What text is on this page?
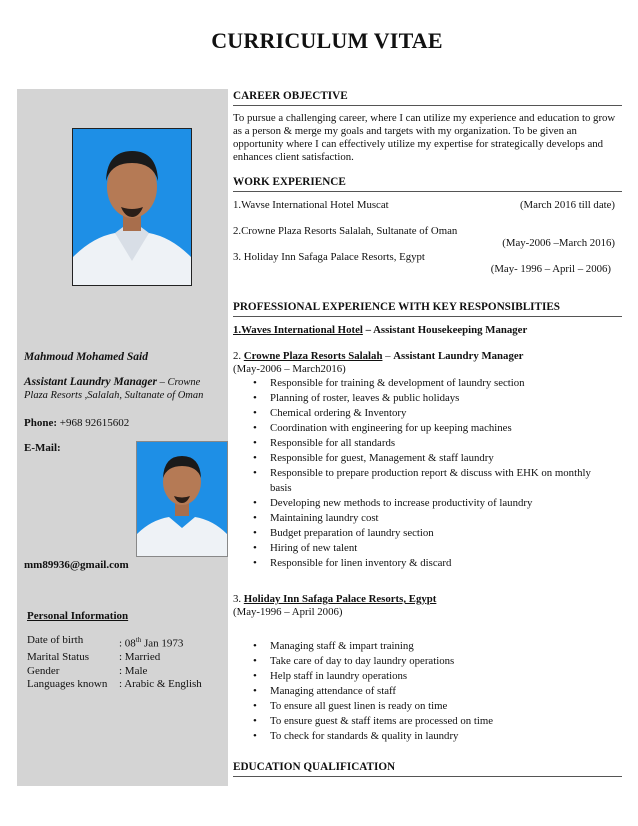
CURRICULUM VITAE
Mahmoud Mohamed Said
Assistant Laundry Manager – Crowne Plaza Resorts ,Salalah, Sultanate of Oman
Phone: +968 92615602
E-Mail:
mm89936@gmail.com
Personal Information
Date of birth	: 08th Jan 1973
Marital Status	: Married
Gender	: Male
Languages known	: Arabic & English
CAREER OBJECTIVE
To pursue a challenging career, where I can utilize my experience and education to grow as a person & merge my goals and targets with my organization. To be given an opportunity where I can effectively utilize my expertise for strategically develops and enhances client satisfaction.
WORK EXPERIENCE
1.Wavse International Hotel Muscat	(March 2016 till date)
2.Crowne Plaza Resorts Salalah, Sultanate of Oman
(May-2006 –March 2016)
3. Holiday Inn Safaga Palace Resorts, Egypt
(May- 1996 – April – 2006)
PROFESSIONAL EXPERIENCE WITH KEY RESPONSIBLITIES
1.Waves International Hotel – Assistant Housekeeping Manager
2. Crowne Plaza Resorts Salalah – Assistant Laundry Manager
(May-2006 – March2016)
• Responsible for training & development of laundry section
• Planning of roster, leaves & public holidays
• Chemical ordering & Inventory
• Coordination with engineering for up keeping machines
• Responsible for all standards
• Responsible for guest, Management & staff laundry
• Responsible to prepare production report & discuss with EHK on monthly basis
• Developing new methods to increase productivity of laundry
• Maintaining laundry cost
• Budget preparation of laundry section
• Hiring of new talent
• Responsible for linen inventory & discard
3. Holiday Inn Safaga Palace Resorts, Egypt
(May-1996 – April 2006)
• Managing staff & impart training
• Take care of day to day laundry operations
• Help staff in laundry operations
• Managing attendance of staff
• To ensure all guest linen is ready on time
• To ensure guest & staff items are processed on time
• To check for standards & quality in laundry
EDUCATION QUALIFICATION
